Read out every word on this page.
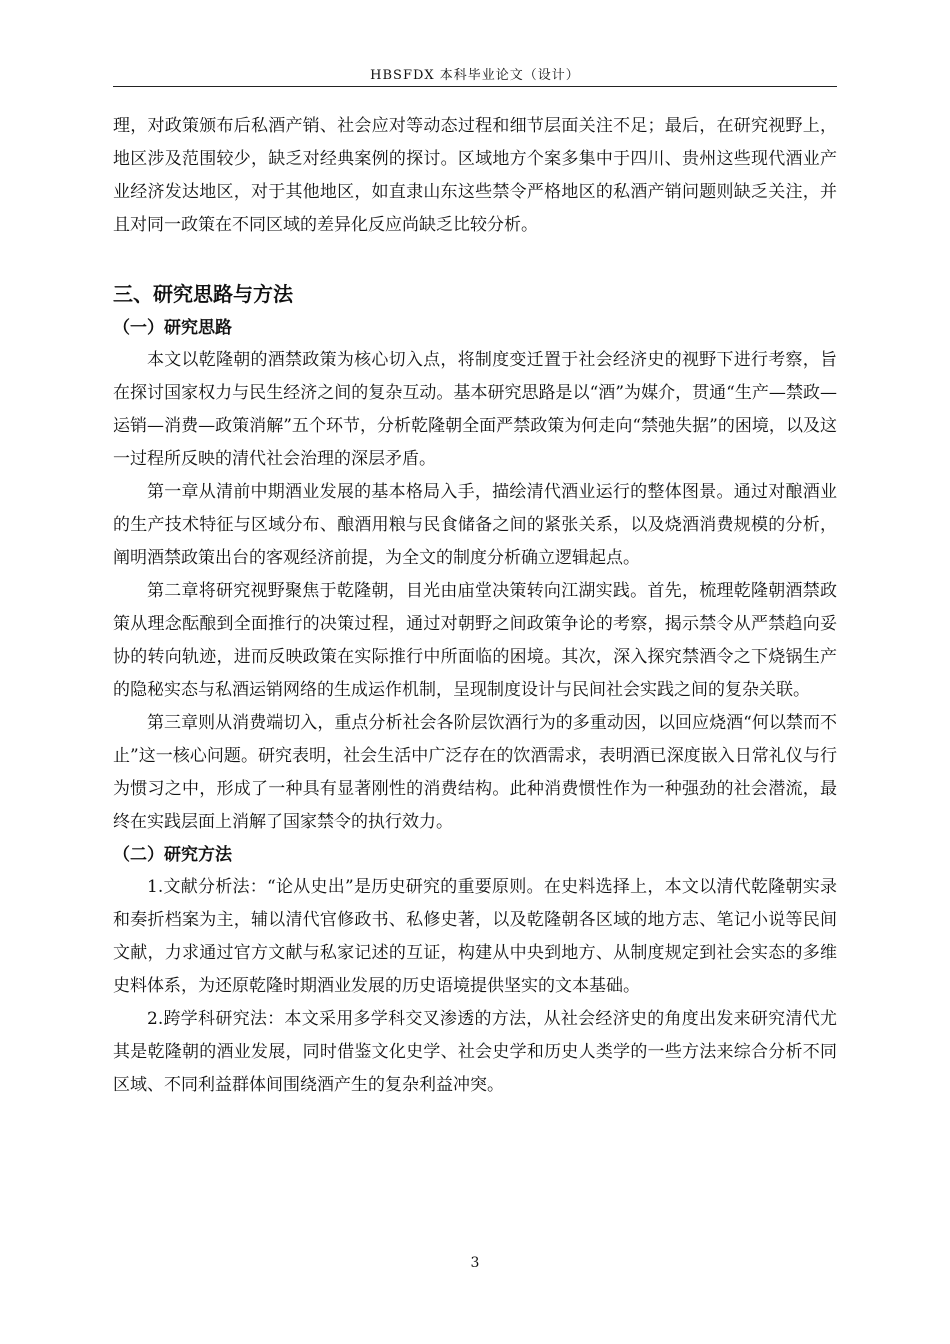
HBSFDX 本科毕业论文（设计）

理，对政策颁布后私酒产销、社会应对等动态过程和细节层面关注不足；最后，在研究视野上，地区涉及范围较少，缺乏对经典案例的探讨。区域地方个案多集中于四川、贵州这些现代酒业产业经济发达地区，对于其他地区，如直隶山东这些禁令严格地区的私酒产销问题则缺乏关注，并且对同一政策在不同区域的差异化反应尚缺乏比较分析。

三、研究思路与方法
（一）研究思路

本文以乾隆朝的酒禁政策为核心切入点，将制度变迁置于社会经济史的视野下进行考察，旨在探讨国家权力与民生经济之间的复杂互动。基本研究思路是以“酒”为媒介，贯通“生产—禁政—运销—消费—政策消解”五个环节，分析乾隆朝全面严禁政策为何走向“禁弛失据”的困境，以及这一过程所反映的清代社会治理的深层矛盾。

第一章从清前中期酒业发展的基本格局入手，描绘清代酒业运行的整体图景。通过对酿酒业的生产技术特征与区域分布、酿酒用粮与民食储备之间的紧张关系，以及烧酒消费规模的分析，阐明酒禁政策出台的客观经济前提，为全文的制度分析确立逻辑起点。

第二章将研究视野聚焦于乾隆朝，目光由庙堂决策转向江湖实践。首先，梳理乾隆朝酒禁政策从理念酝酿到全面推行的决策过程，通过对朝野之间政策争论的考察，揭示禁令从严禁趋向妥协的转向轨迹，进而反映政策在实际推行中所面临的困境。其次，深入探究禁酒令之下烧锅生产的隐秘实态与私酒运销网络的生成运作机制，呈现制度设计与民间社会实践之间的复杂关联。

第三章则从消费端切入，重点分析社会各阶层饮酒行为的多重动因，以回应烧酒“何以禁而不止”这一核心问题。研究表明，社会生活中广泛存在的饮酒需求，表明酒已深度嵌入日常礼仪与行为惯习之中，形成了一种具有显著刚性的消费结构。此种消费惯性作为一种强劲的社会潜流，最终在实践层面上消解了国家禁令的执行效力。

（二）研究方法

1.文献分析法：“论从史出”是历史研究的重要原则。在史料选择上，本文以清代乾隆朝实录和奏折档案为主，辅以清代官修政书、私修史著，以及乾隆朝各区域的地方志、笔记小说等民间文献，力求通过官方文献与私家记述的互证，构建从中央到地方、从制度规定到社会实态的多维史料体系，为还原乾隆时期酒业发展的历史语境提供坚实的文本基础。

2.跨学科研究法：本文采用多学科交叉渗透的方法，从社会经济史的角度出发来研究清代尤其是乾隆朝的酒业发展，同时借鉴文化史学、社会史学和历史人类学的一些方法来综合分析不同区域、不同利益群体间围绕酒产生的复杂利益冲突。

3
